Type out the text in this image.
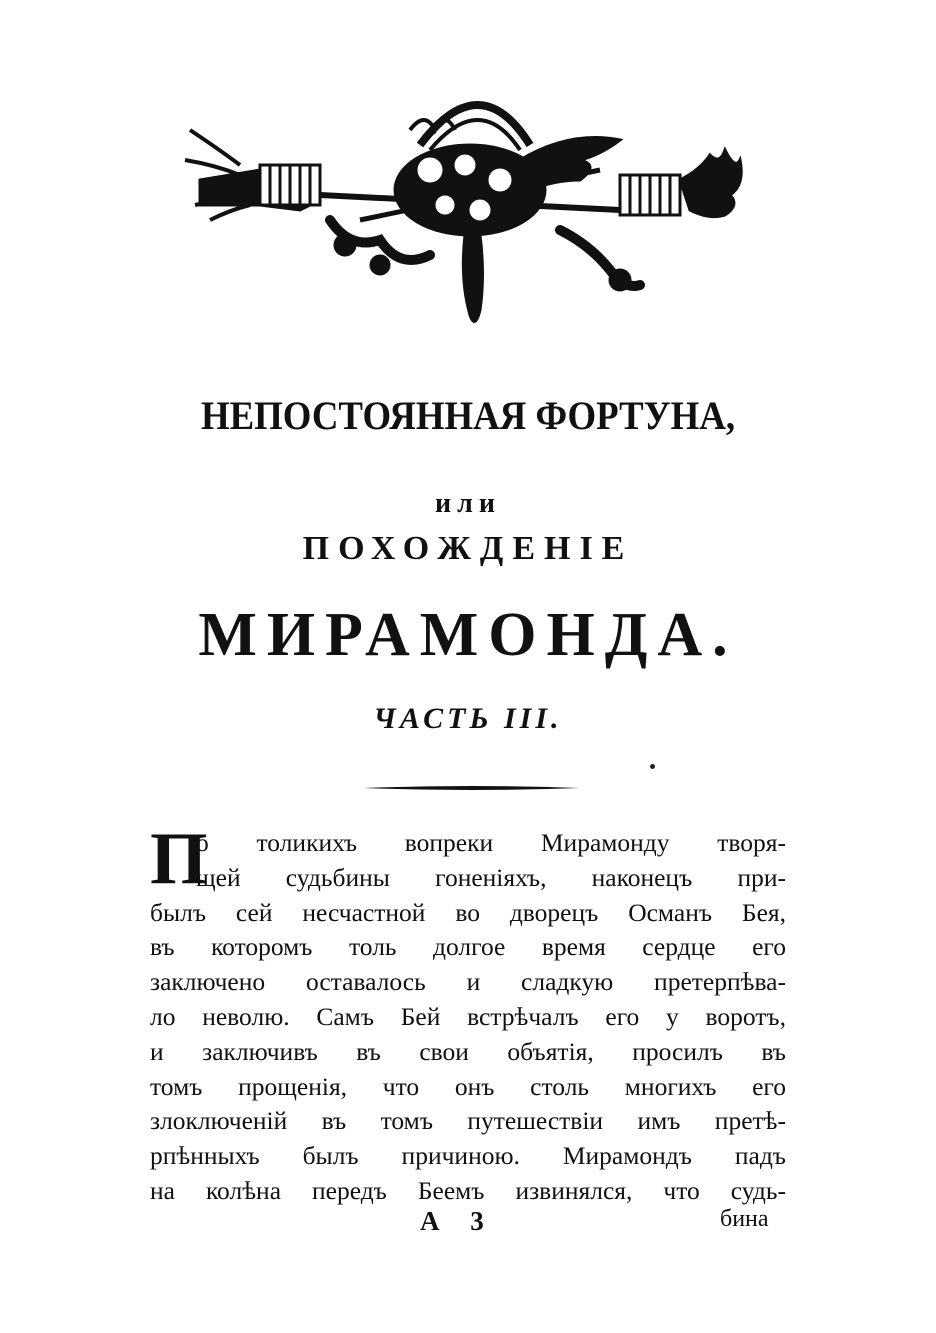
НЕПОСТОЯННАЯ ФОРТУНА,
или
ПОХОЖДЕНIЕ
МИРАМОНДА.
ЧАСТЬ III.
П
о толикихъ вопреки Мирамонду творя-
щей судьбины гоненiяхъ, наконецъ при-
былъ сей несчастной во дворецъ Османъ Бея,
въ которомъ толь долгое время сердце его
заключено оставалось и сладкую претерпѣва-
ло неволю. Самъ Бей встрѣчалъ его у воротъ,
и заключивъ въ свои объятiя, просилъ въ
томъ прощенiя, что онъ столь многихъ его
злоключенiй въ томъ путешествiи имъ претѣ-
рпѣнныхъ былъ причиною. Мирамондъ падъ
на колѣна передъ Беемъ извинялся, что судь-
А 3	бина
